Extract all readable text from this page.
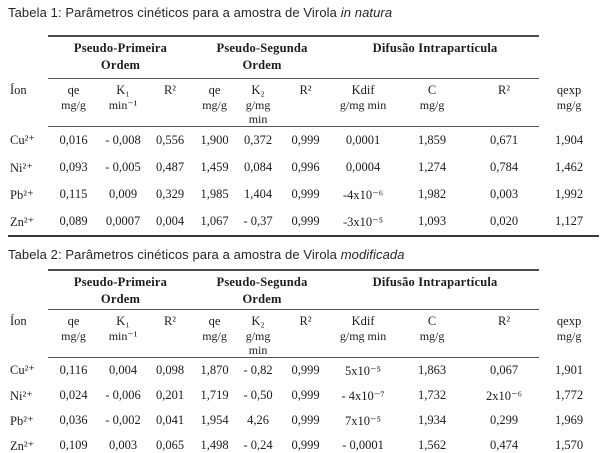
Tabela 1: Parâmetros cinéticos para a amostra de Virola in natura

Pseudo-Primeira
Ordem

Pseudo-Segunda
Ordem

Difusão Intrapartícula

Íon	qe
mg/g

K₁
min⁻¹

R²	qe
mg/g

K₂
g/mg min

R²	Kdif
g/mg min

C
mg/g

R²	qexp
mg/g

Cu²⁺	0,016	- 0,008	0,556	1,900	0,372	0,999	0,0001	1,859	0,671	1,904
Ni²⁺	0,093	- 0,005	0,487	1,459	0,084	0,996	0,0004	1,274	0,784	1,462
Pb²⁺	0,115	0,009	0,329	1,985	1,404	0,999	-4x10⁻⁶	1,982	0,003	1,992
Zn²⁺	0,089	0,0007	0,004	1,067	- 0,37	0,999	-3x10⁻⁵	1,093	0,020	1,127
Tabela 2: Parâmetros cinéticos para a amostra de Virola modificada

Pseudo-Primeira
Ordem

Pseudo-Segunda
Ordem

Difusão Intrapartícula

Íon	qe
mg/g

K₁
min⁻¹

R²	qe
mg/g

K₂
g/mg min

R²	Kdif
g/mg min

C
mg/g

R²	qexp
mg/g

Cu²⁺	0,116	0,004	0,098	1,870	- 0,82	0,999	5x10⁻⁵	1,863	0,067	1,901
Ni²⁺	0,024	- 0,006	0,201	1,719	- 0,50	0,999	- 4x10⁻⁷	1,732	2x10⁻⁶	1,772
Pb²⁺	0,036	- 0,002	0,041	1,954	4,26	0,999	7x10⁻⁵	1,934	0,299	1,969
Zn²⁺	0,109	0,003	0,065	1,498	- 0,24	0,999	- 0,0001	1,562	0,474	1,570
